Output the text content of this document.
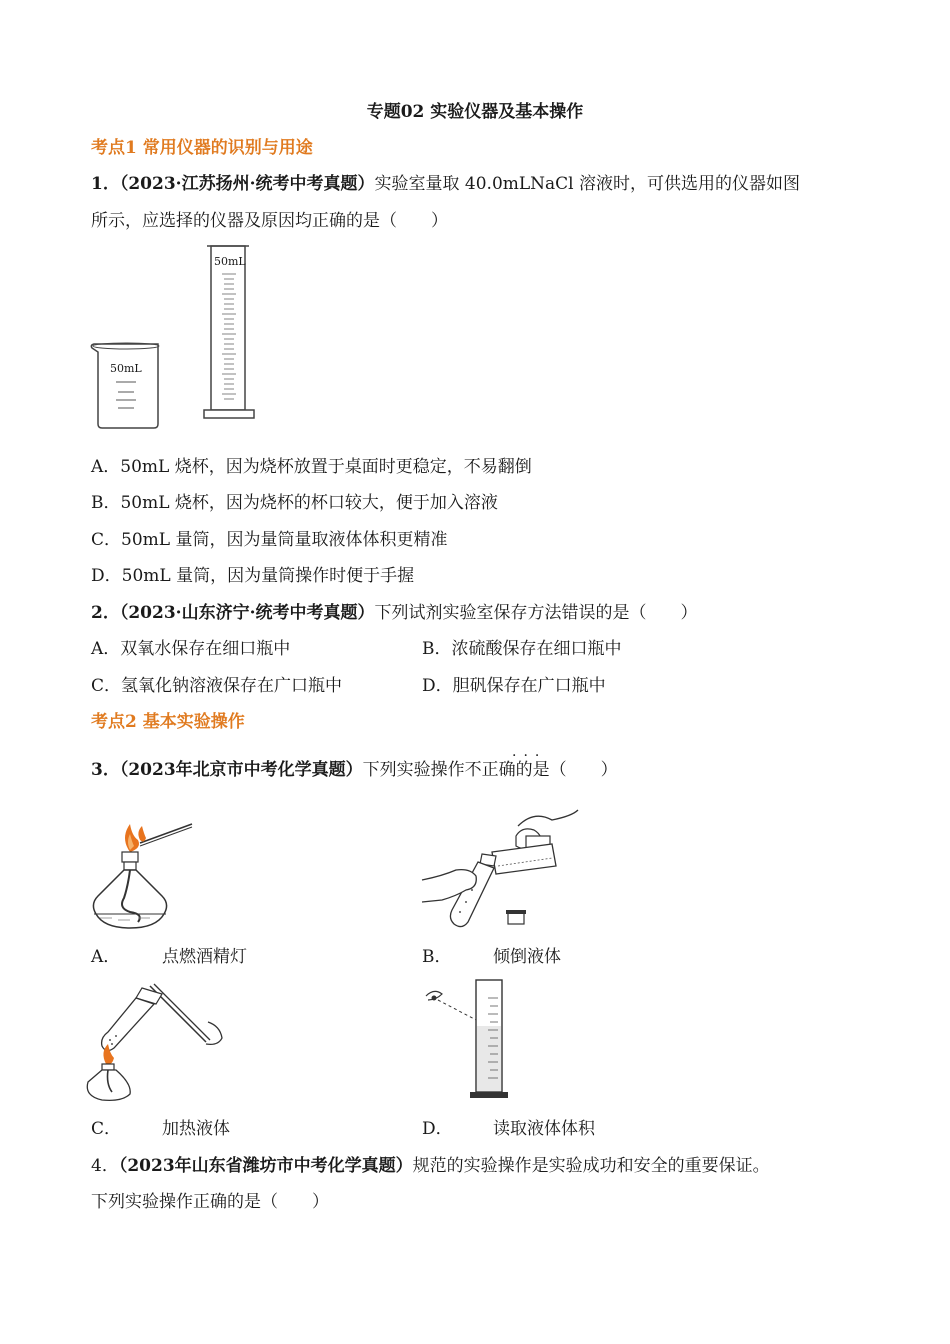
专题02 实验仪器及基本操作
考点1 常用仪器的识别与用途
1．（2023·江苏扬州·统考中考真题）实验室量取 40.0mLNaCl 溶液时，可供选用的仪器如图
所示，应选择的仪器及原因均正确的是（　　）
50mL
50mL
A．50mL 烧杯，因为烧杯放置于桌面时更稳定，不易翻倒
B．50mL 烧杯，因为烧杯的杯口较大，便于加入溶液
C．50mL 量筒，因为量筒量取液体体积更精准
D．50mL 量筒，因为量筒操作时便于手握
2．（2023·山东济宁·统考中考真题）下列试剂实验室保存方法错误的是（　　）
A．双氧水保存在细口瓶中	B．浓硫酸保存在细口瓶中
C．氢氧化钠溶液保存在广口瓶中	D．胆矾保存在广口瓶中
考点2 基本实验操作
···
3．（2023年北京市中考化学真题）下列实验操作不正确的是（　　）
A． 点燃酒精灯	B． 倾倒液体
C． 加热液体	D． 读取液体体积
4．（2023年山东省潍坊市中考化学真题）规范的实验操作是实验成功和安全的重要保证。
下列实验操作正确的是（　　）
